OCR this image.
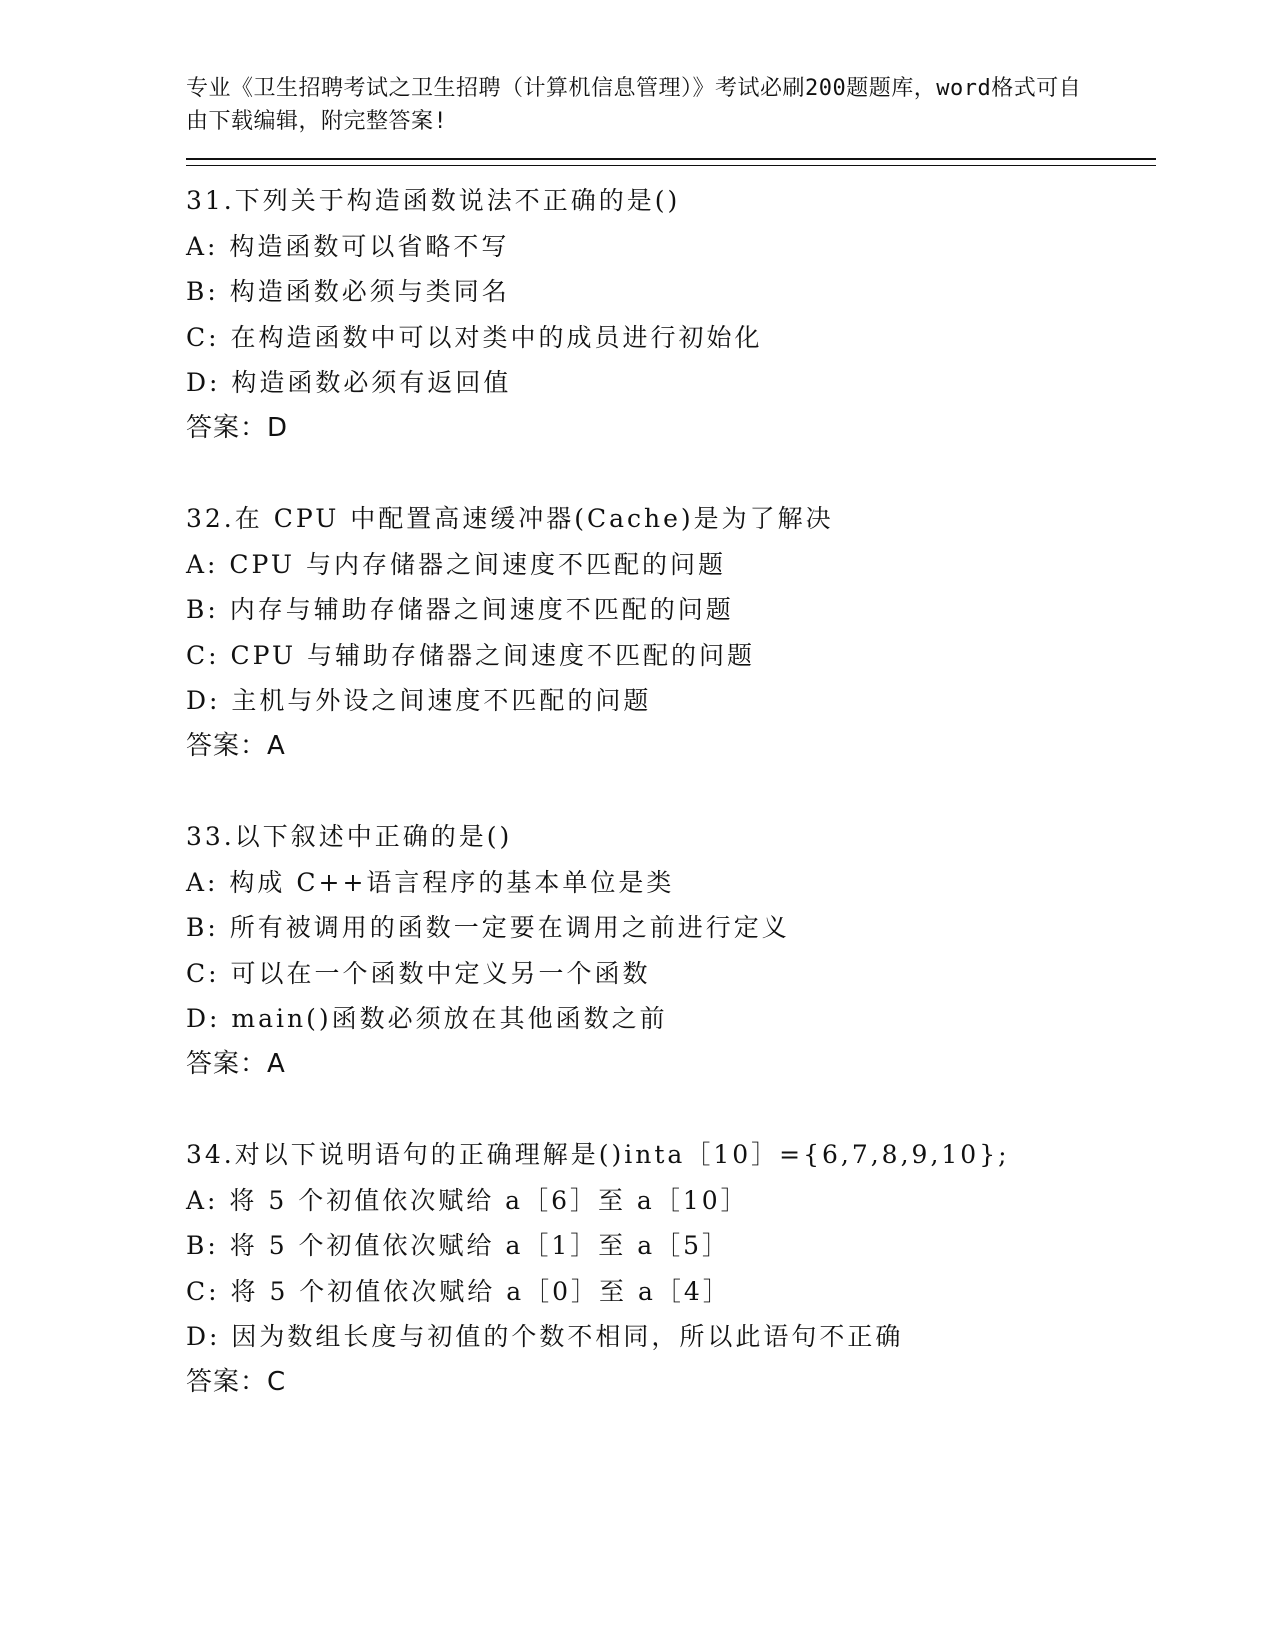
专业《卫生招聘考试之卫生招聘（计算机信息管理）》考试必刷200题题库，word格式可自由下载编辑，附完整答案!

31.下列关于构造函数说法不正确的是()

A: 构造函数可以省略不写

B: 构造函数必须与类同名

C: 在构造函数中可以对类中的成员进行初始化

D: 构造函数必须有返回值

答案：D

32.在 CPU 中配置高速缓冲器(Cache)是为了解决

A: CPU 与内存储器之间速度不匹配的问题

B: 内存与辅助存储器之间速度不匹配的问题

C: CPU 与辅助存储器之间速度不匹配的问题

D: 主机与外设之间速度不匹配的问题

答案：A

33.以下叙述中正确的是()

A: 构成 C++语言程序的基本单位是类

B: 所有被调用的函数一定要在调用之前进行定义

C: 可以在一个函数中定义另一个函数

D: main()函数必须放在其他函数之前

答案：A

34.对以下说明语句的正确理解是()inta［10］={6,7,8,9,10};

A: 将 5 个初值依次赋给 a［6］至 a［10］

B: 将 5 个初值依次赋给 a［1］至 a［5］

C: 将 5 个初值依次赋给 a［0］至 a［4］

D: 因为数组长度与初值的个数不相同，所以此语句不正确

答案：C
